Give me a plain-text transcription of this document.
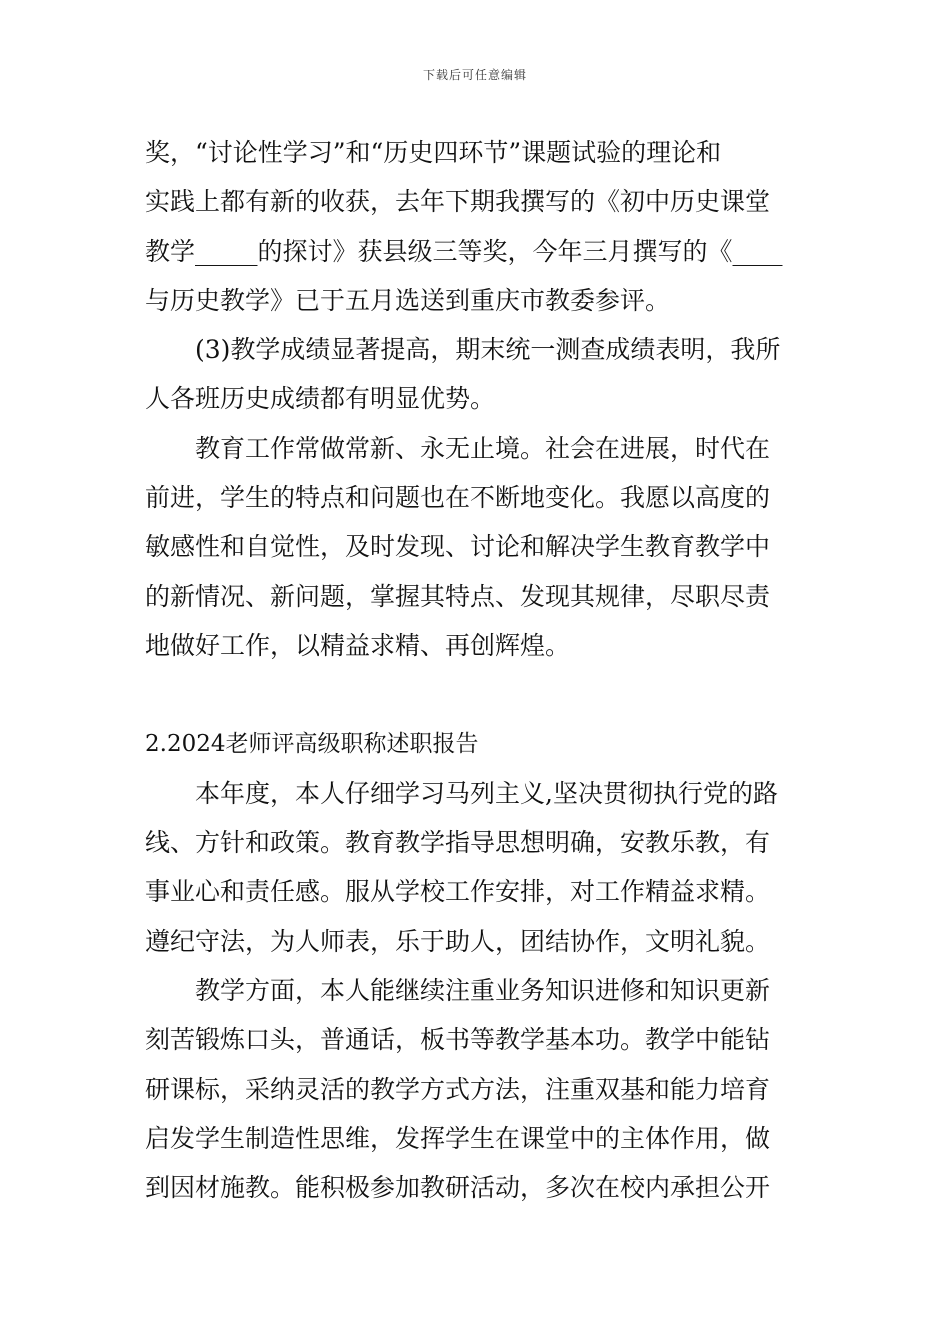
下载后可任意编辑
奖，“讨论性学习”和“历史四环节”课题试验的理论和
实践上都有新的收获，去年下期我撰写的《初中历史课堂
教学_____的探讨》获县级三等奖，今年三月撰写的《____
与历史教学》已于五月选送到重庆市教委参评。
　　(3)教学成绩显著提高，期末统一测查成绩表明，我所
人各班历史成绩都有明显优势。
　　教育工作常做常新、永无止境。社会在进展，时代在
前进，学生的特点和问题也在不断地变化。我愿以高度的
敏感性和自觉性，及时发现、讨论和解决学生教育教学中
的新情况、新问题，掌握其特点、发现其规律，尽职尽责
地做好工作，以精益求精、再创辉煌。
2.2024老师评高级职称述职报告
　　本年度，本人仔细学习马列主义,坚决贯彻执行党的路
线、方针和政策。教育教学指导思想明确，安教乐教，有
事业心和责任感。服从学校工作安排，对工作精益求精。
遵纪守法，为人师表，乐于助人，团结协作，文明礼貌。
　　教学方面，本人能继续注重业务知识进修和知识更新
刻苦锻炼口头，普通话，板书等教学基本功。教学中能钻
研课标，采纳灵活的教学方式方法，注重双基和能力培育
启发学生制造性思维，发挥学生在课堂中的主体作用，做
到因材施教。能积极参加教研活动，多次在校内承担公开
